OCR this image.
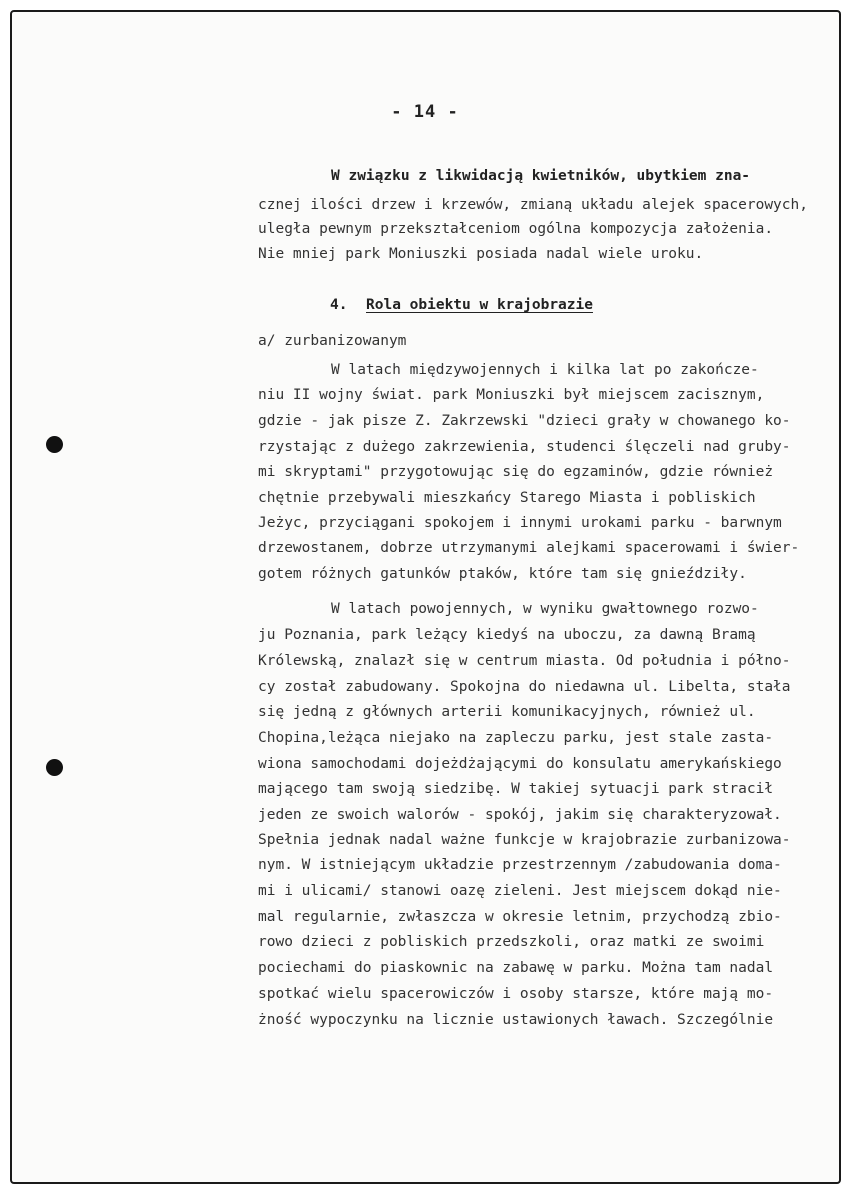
- 14 -
W związku z likwidacją kwietników, ubytkiem zna-
cznej ilości drzew i krzewów, zmianą układu alejek spacerowych,
uległa pewnym przekształceniom ogólna kompozycja założenia.
Nie mniej park Moniuszki posiada nadal wiele uroku.
4. Rola obiektu w krajobrazie
a/ zurbanizowanym
W latach międzywojennych i kilka lat po zakończe-
niu II wojny świat. park Moniuszki był miejscem zacisznym,
gdzie - jak pisze Z. Zakrzewski "dzieci grały w chowanego ko-
rzystając z dużego zakrzewienia, studenci ślęczeli nad gruby-
mi skryptami" przygotowując się do egzaminów, gdzie również
chętnie przebywali mieszkańcy Starego Miasta i pobliskich
Jeżyc, przyciągani spokojem i innymi urokami parku - barwnym
drzewostanem, dobrze utrzymanymi alejkami spacerowami i świer-
gotem różnych gatunków ptaków, które tam się gnieździły.
W latach powojennych, w wyniku gwałtownego rozwo-
ju Poznania, park leżący kiedyś na uboczu, za dawną Bramą
Królewską, znalazł się w centrum miasta. Od południa i półno-
cy został zabudowany. Spokojna do niedawna ul. Libelta, stała
się jedną z głównych arterii komunikacyjnych, również ul.
Chopina,leżąca niejako na zapleczu parku, jest stale zasta-
wiona samochodami dojeżdżającymi do konsulatu amerykańskiego
mającego tam swoją siedzibę. W takiej sytuacji park stracił
jeden ze swoich walorów - spokój, jakim się charakteryzował.
Spełnia jednak nadal ważne funkcje w krajobrazie zurbanizowa-
nym. W istniejącym układzie przestrzennym /zabudowania doma-
mi i ulicami/ stanowi oazę zieleni. Jest miejscem dokąd nie-
mal regularnie, zwłaszcza w okresie letnim, przychodzą zbio-
rowo dzieci z pobliskich przedszkoli, oraz matki ze swoimi
pociechami do piaskownic na zabawę w parku. Można tam nadal
spotkać wielu spacerowiczów i osoby starsze, które mają mo-
żność wypoczynku na licznie ustawionych ławach. Szczególnie
